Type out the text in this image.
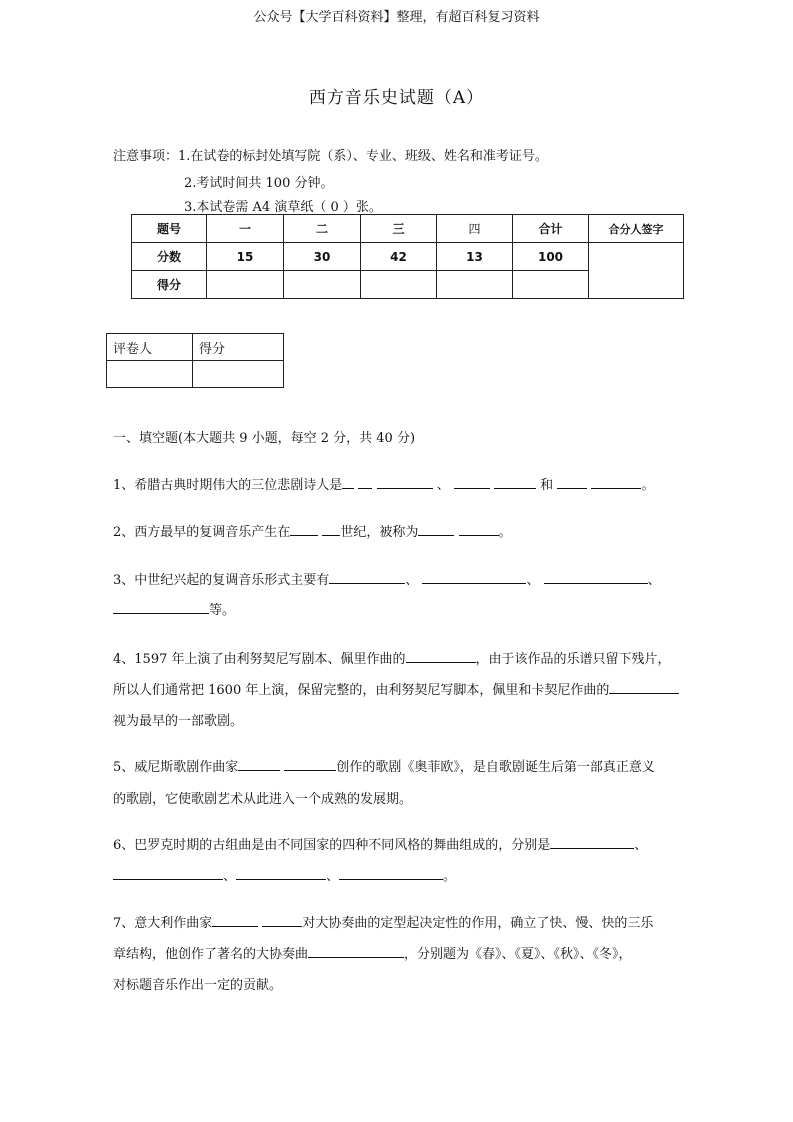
公众号【大学百科资料】整理，有超百科复习资料
西方音乐史试题（A）
注意事项：1.在试卷的标封处填写院（系）、专业、班级、姓名和准考证号。
2.考试时间共 100 分钟。
3.本试卷需 A4 演草纸（ 0 ）张。
题号	一	二	三	四	合计	合分人签字
分数	15	30	42	13	100	
得分						
评卷人	得分

一、填空题(本大题共 9 小题，每空 2 分，共 40 分)
1、希腊古典时期伟大的三位悲剧诗人是	、	和	。
2、西方最早的复调音乐产生在	世纪，被称为	。
3、中世纪兴起的复调音乐形式主要有	、	、	、
等。
4、1597 年上演了由利努契尼写剧本、佩里作曲的	，由于该作品的乐谱只留下残片，
所以人们通常把 1600 年上演，保留完整的，由利努契尼写脚本，佩里和卡契尼作曲的
视为最早的一部歌剧。
5、威尼斯歌剧作曲家	创作的歌剧《奥菲欧》，是自歌剧诞生后第一部真正意义
的歌剧，它使歌剧艺术从此进入一个成熟的发展期。
6、巴罗克时期的古组曲是由不同国家的四种不同风格的舞曲组成的，分别是	、
、	、	。
7、意大利作曲家	对大协奏曲的定型起决定性的作用，确立了快、慢、快的三乐
章结构，他创作了著名的大协奏曲	，分别题为《春》、《夏》、《秋》、《冬》，
对标题音乐作出一定的贡献。
